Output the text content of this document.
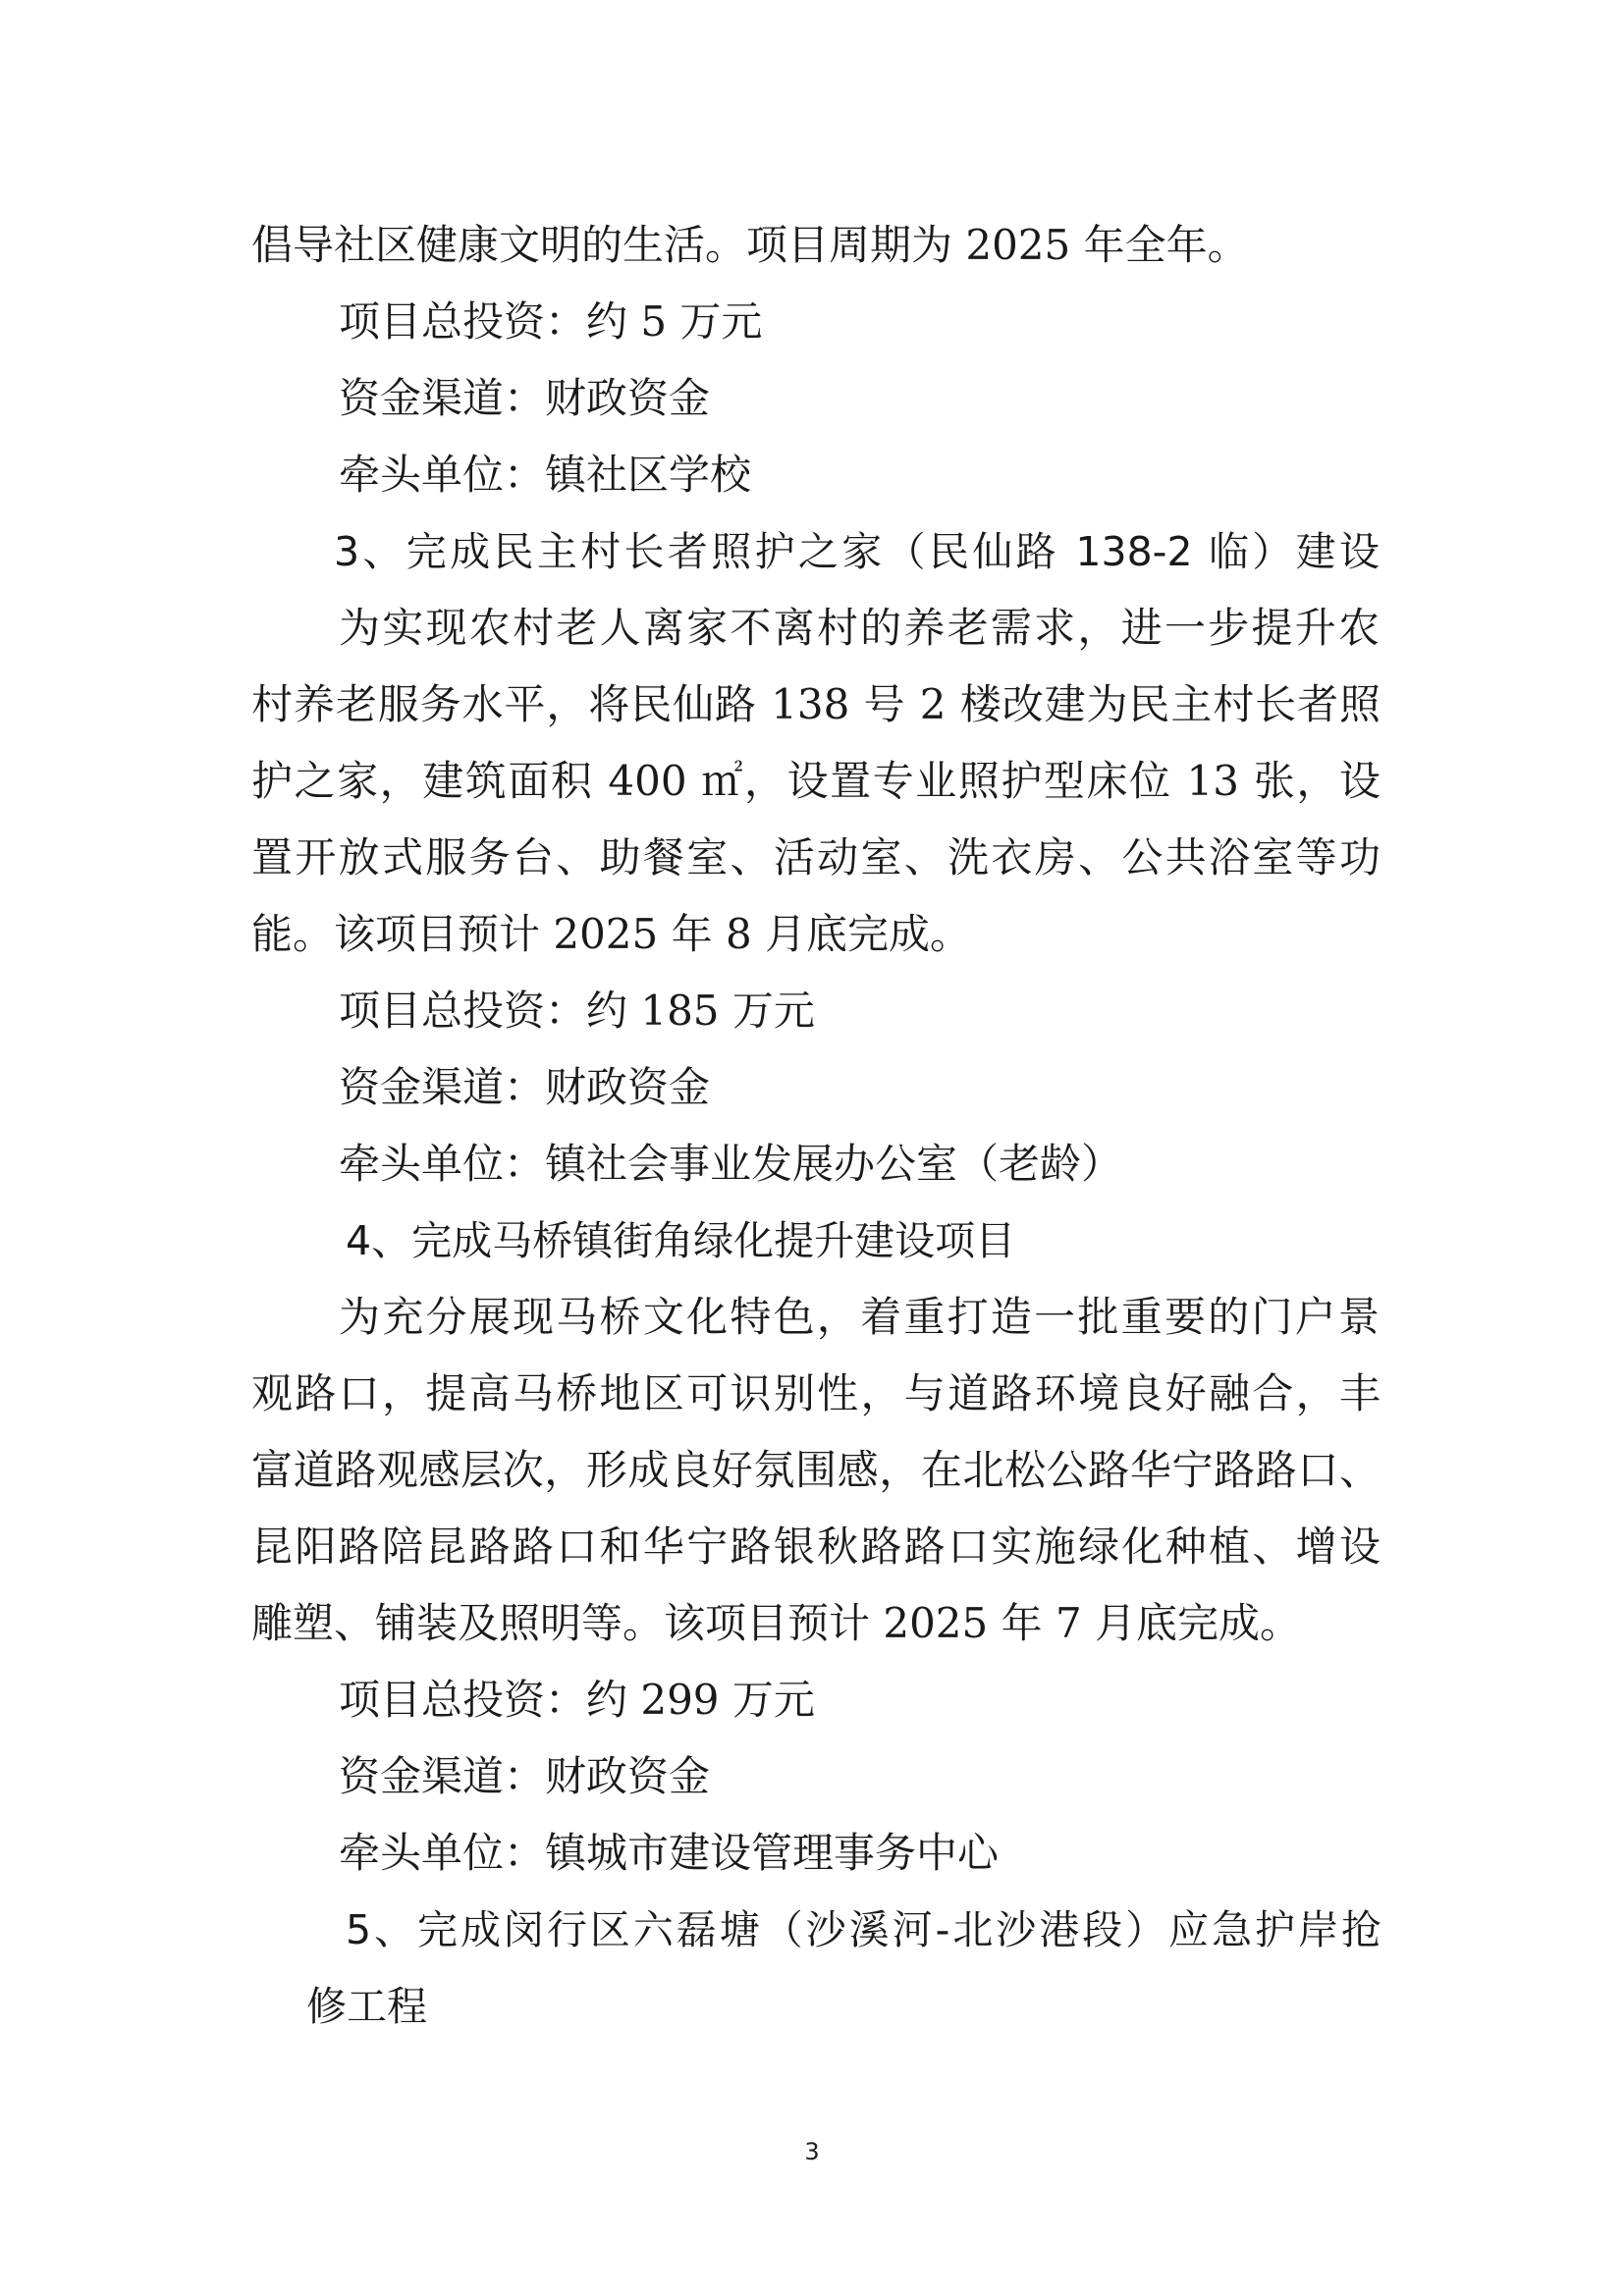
倡导社区健康文明的生活。项目周期为 2025 年全年。
项目总投资：约 5 万元
资金渠道：财政资金
牵头单位：镇社区学校
3、完成民主村长者照护之家（民仙路 138-2 临）建设
为实现农村老人离家不离村的养老需求，进一步提升农
村养老服务水平，将民仙路 138 号 2 楼改建为民主村长者照
护之家，建筑面积 400 ㎡，设置专业照护型床位 13 张，设
置开放式服务台、助餐室、活动室、洗衣房、公共浴室等功
能。该项目预计 2025 年 8 月底完成。
项目总投资：约 185 万元
资金渠道：财政资金
牵头单位：镇社会事业发展办公室（老龄）
4、完成马桥镇街角绿化提升建设项目
为充分展现马桥文化特色，着重打造一批重要的门户景
观路口，提高马桥地区可识别性，与道路环境良好融合，丰
富道路观感层次，形成良好氛围感，在北松公路华宁路路口、
昆阳路陪昆路路口和华宁路银秋路路口实施绿化种植、增设
雕塑、铺装及照明等。该项目预计 2025 年 7 月底完成。
项目总投资：约 299 万元
资金渠道：财政资金
牵头单位：镇城市建设管理事务中心
5、完成闵行区六磊塘（沙溪河-北沙港段）应急护岸抢
修工程
3
